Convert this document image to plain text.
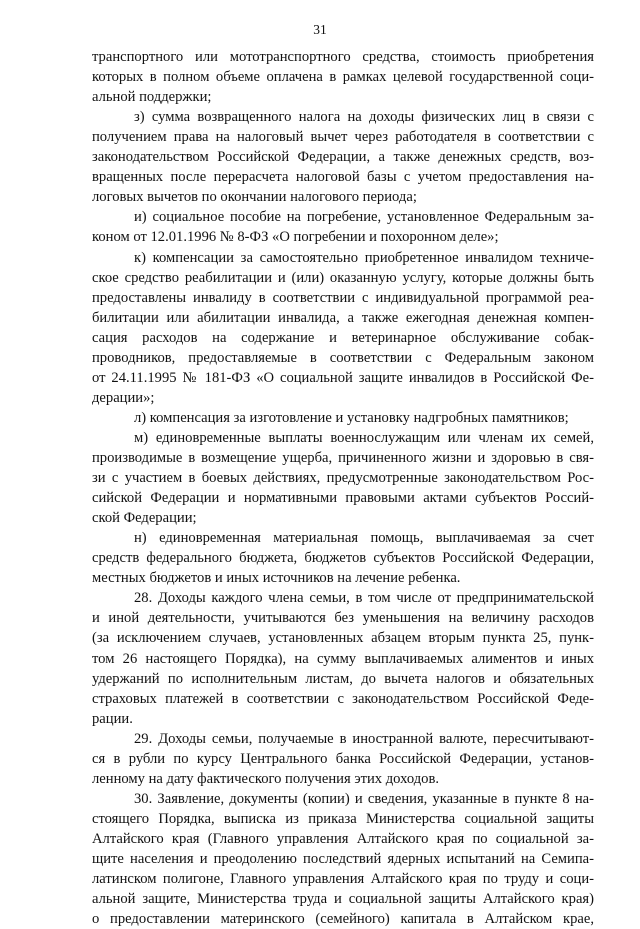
31
транспортного или мототранспортного средства, стоимость приобретения
которых в полном объеме оплачена в рамках целевой государственной соци-
альной поддержки;
з) сумма возвращенного налога на доходы физических лиц в связи с
получением права на налоговый вычет через работодателя в соответствии с
законодательством Российской Федерации, а также денежных средств, воз-
вращенных после перерасчета налоговой базы с учетом предоставления на-
логовых вычетов по окончании налогового периода;
и) социальное пособие на погребение, установленное Федеральным за-
коном от 12.01.1996 № 8-ФЗ «О погребении и похоронном деле»;
к) компенсации за самостоятельно приобретенное инвалидом техниче-
ское средство реабилитации и (или) оказанную услугу, которые должны быть
предоставлены инвалиду в соответствии с индивидуальной программой реа-
билитации или абилитации инвалида, а также ежегодная денежная компен-
сация расходов на содержание и ветеринарное обслуживание собак-
проводников, предоставляемые в соответствии с Федеральным законом
от 24.11.1995 № 181-ФЗ «О социальной защите инвалидов в Российской Фе-
дерации»;
л) компенсация за изготовление и установку надгробных памятников;
м) единовременные выплаты военнослужащим или членам их семей,
производимые в возмещение ущерба, причиненного жизни и здоровью в свя-
зи с участием в боевых действиях, предусмотренные законодательством Рос-
сийской Федерации и нормативными правовыми актами субъектов Россий-
ской Федерации;
н) единовременная материальная помощь, выплачиваемая за счет
средств федерального бюджета, бюджетов субъектов Российской Федерации,
местных бюджетов и иных источников на лечение ребенка.
28. Доходы каждого члена семьи, в том числе от предпринимательской
и иной деятельности, учитываются без уменьшения на величину расходов
(за исключением случаев, установленных абзацем вторым пункта 25, пунк-
том 26 настоящего Порядка), на сумму выплачиваемых алиментов и иных
удержаний по исполнительным листам, до вычета налогов и обязательных
страховых платежей в соответствии с законодательством Российской Феде-
рации.
29. Доходы семьи, получаемые в иностранной валюте, пересчитывают-
ся в рубли по курсу Центрального банка Российской Федерации, установ-
ленному на дату фактического получения этих доходов.
30. Заявление, документы (копии) и сведения, указанные в пункте 8 на-
стоящего Порядка, выписка из приказа Министерства социальной защиты
Алтайского края (Главного управления Алтайского края по социальной за-
щите населения и преодолению последствий ядерных испытаний на Семипа-
латинском полигоне, Главного управления Алтайского края по труду и соци-
альной защите, Министерства труда и социальной защиты Алтайского края)
о предоставлении материнского (семейного) капитала в Алтайском крае,
